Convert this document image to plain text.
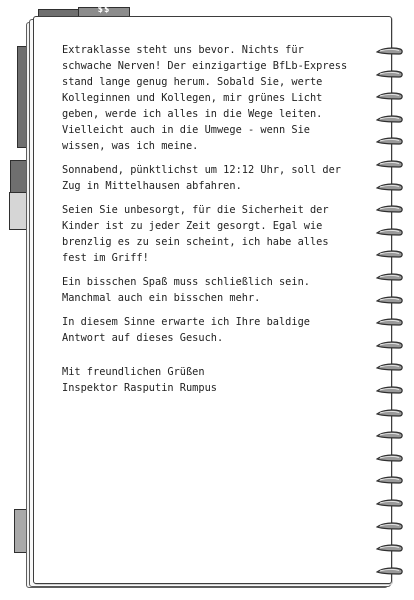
$$

Extraklasse steht uns bevor. Nichts für
schwache Nerven! Der einzigartige BfLb-Express
stand lange genug herum. Sobald Sie, werte
Kolleginnen und Kollegen, mir grünes Licht
geben, werde ich alles in die Wege leiten.
Vielleicht auch in die Umwege - wenn Sie
wissen, was ich meine.

Sonnabend, pünktlichst um 12:12 Uhr, soll der
Zug in Mittelhausen abfahren.

Seien Sie unbesorgt, für die Sicherheit der
Kinder ist zu jeder Zeit gesorgt. Egal wie
brenzlig es zu sein scheint, ich habe alles
fest im Griff!

Ein bisschen Spaß muss schließlich sein.
Manchmal auch ein bisschen mehr.

In diesem Sinne erwarte ich Ihre baldige
Antwort auf dieses Gesuch.

Mit freundlichen Grüßen

Inspektor Rasputin Rumpus
